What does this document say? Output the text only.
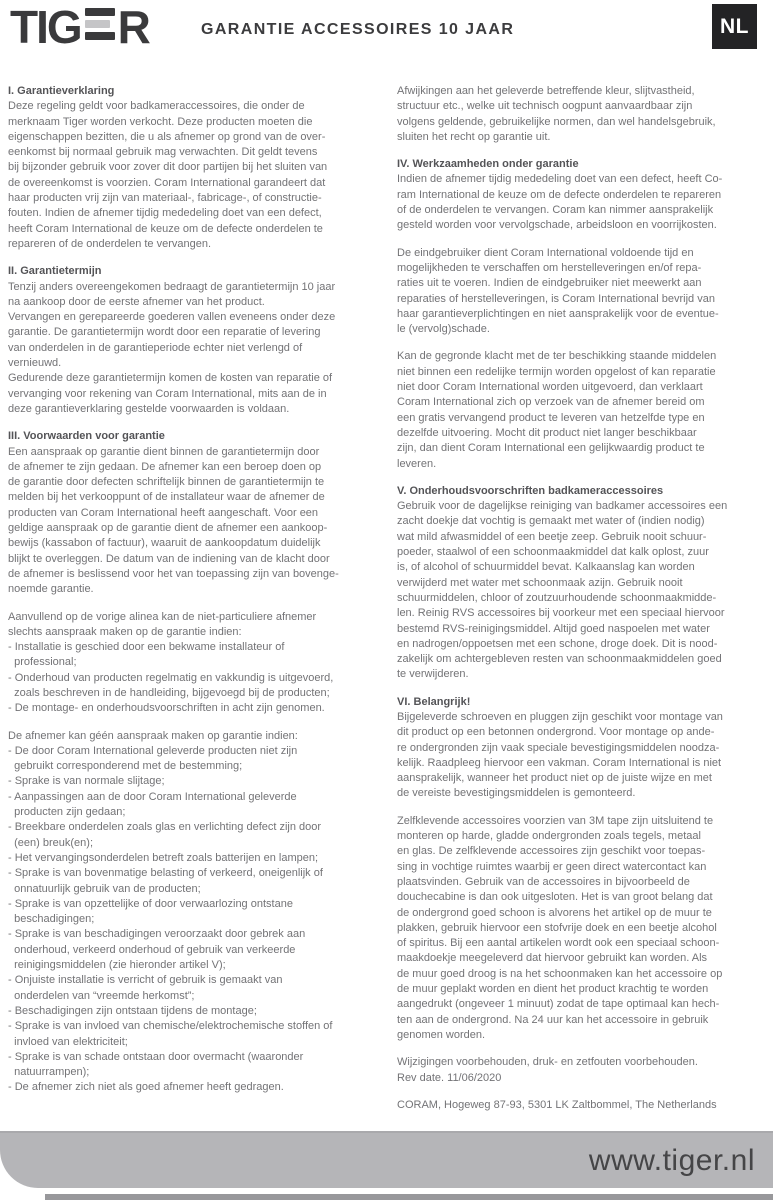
TIG R	GARANTIE ACCESSOIRES 10 JAAR	NL
I. Garantieverklaring
Deze regeling geldt voor badkameraccessoires, die onder de
merknaam Tiger worden verkocht. Deze producten moeten die
eigenschappen bezitten, die u als afnemer op grond van de over-
eenkomst bij normaal gebruik mag verwachten. Dit geldt tevens
bij bijzonder gebruik voor zover dit door partijen bij het sluiten van
de overeenkomst is voorzien. Coram International garandeert dat
haar producten vrij zijn van materiaal-, fabricage-, of constructie-
fouten. Indien de afnemer tijdig mededeling doet van een defect,
heeft Coram International de keuze om de defecte onderdelen te
repareren of de onderdelen te vervangen.
II. Garantietermijn
Tenzij anders overeengekomen bedraagt de garantietermijn 10 jaar
na aankoop door de eerste afnemer van het product.
Vervangen en gerepareerde goederen vallen eveneens onder deze
garantie. De garantietermijn wordt door een reparatie of levering
van onderdelen in de garantieperiode echter niet verlengd of
vernieuwd.
Gedurende deze garantietermijn komen de kosten van reparatie of
vervanging voor rekening van Coram International, mits aan de in
deze garantieverklaring gestelde voorwaarden is voldaan.
III. Voorwaarden voor garantie
Een aanspraak op garantie dient binnen de garantietermijn door
de afnemer te zijn gedaan. De afnemer kan een beroep doen op
de garantie door defecten schriftelijk binnen de garantietermijn te
melden bij het verkooppunt of de installateur waar de afnemer de
producten van Coram International heeft aangeschaft. Voor een
geldige aanspraak op de garantie dient de afnemer een aankoop-
bewijs (kassabon of factuur), waaruit de aankoopdatum duidelijk
blijkt te overleggen. De datum van de indiening van de klacht door
de afnemer is beslissend voor het van toepassing zijn van bovenge-
noemde garantie.
Aanvullend op de vorige alinea kan de niet-particuliere afnemer
slechts aanspraak maken op de garantie indien:
- Installatie is geschied door een bekwame installateur of
professional;
- Onderhoud van producten regelmatig en vakkundig is uitgevoerd,
zoals beschreven in de handleiding, bijgevoegd bij de producten;
- De montage- en onderhoudsvoorschriften in acht zijn genomen.
De afnemer kan géén aanspraak maken op garantie indien:
- De door Coram International geleverde producten niet zijn
gebruikt corresponderend met de bestemming;
- Sprake is van normale slijtage;
- Aanpassingen aan de door Coram International geleverde
producten zijn gedaan;
- Breekbare onderdelen zoals glas en verlichting defect zijn door
(een) breuk(en);
- Het vervangingsonderdelen betreft zoals batterijen en lampen;
- Sprake is van bovenmatige belasting of verkeerd, oneigenlijk of
onnatuurlijk gebruik van de producten;
- Sprake is van opzettelijke of door verwaarlozing ontstane
beschadigingen;
- Sprake is van beschadigingen veroorzaakt door gebrek aan
onderhoud, verkeerd onderhoud of gebruik van verkeerde
reinigingsmiddelen (zie hieronder artikel V);
- Onjuiste installatie is verricht of gebruik is gemaakt van
onderdelen van “vreemde herkomst”;
- Beschadigingen zijn ontstaan tijdens de montage;
- Sprake is van invloed van chemische/elektrochemische stoffen of
invloed van elektriciteit;
- Sprake is van schade ontstaan door overmacht (waaronder
natuurrampen);
- De afnemer zich niet als goed afnemer heeft gedragen.
Afwijkingen aan het geleverde betreffende kleur, slijtvastheid,
structuur etc., welke uit technisch oogpunt aanvaardbaar zijn
volgens geldende, gebruikelijke normen, dan wel handelsgebruik,
sluiten het recht op garantie uit.
IV. Werkzaamheden onder garantie
Indien de afnemer tijdig mededeling doet van een defect, heeft Co-
ram International de keuze om de defecte onderdelen te repareren
of de onderdelen te vervangen. Coram kan nimmer aansprakelijk
gesteld worden voor vervolgschade, arbeidsloon en voorrijkosten.
De eindgebruiker dient Coram International voldoende tijd en
mogelijkheden te verschaffen om herstelleveringen en/of repa-
raties uit te voeren. Indien de eindgebruiker niet meewerkt aan
reparaties of herstelleveringen, is Coram International bevrijd van
haar garantieverplichtingen en niet aansprakelijk voor de eventue-
le (vervolg)schade.
Kan de gegronde klacht met de ter beschikking staande middelen
niet binnen een redelijke termijn worden opgelost of kan reparatie
niet door Coram International worden uitgevoerd, dan verklaart
Coram International zich op verzoek van de afnemer bereid om
een gratis vervangend product te leveren van hetzelfde type en
dezelfde uitvoering. Mocht dit product niet langer beschikbaar
zijn, dan dient Coram International een gelijkwaardig product te
leveren.
V. Onderhoudsvoorschriften badkameraccessoires
Gebruik voor de dagelijkse reiniging van badkamer accessoires een
zacht doekje dat vochtig is gemaakt met water of (indien nodig)
wat mild afwasmiddel of een beetje zeep. Gebruik nooit schuur-
poeder, staalwol of een schoonmaakmiddel dat kalk oplost, zuur
is, of alcohol of schuurmiddel bevat. Kalkaanslag kan worden
verwijderd met water met schoonmaak azijn. Gebruik nooit
schuurmiddelen, chloor of zoutzuurhoudende schoonmaakmidde-
len. Reinig RVS accessoires bij voorkeur met een speciaal hiervoor
bestemd RVS-reinigingsmiddel. Altijd goed naspoelen met water
en nadrogen/oppoetsen met een schone, droge doek. Dit is nood-
zakelijk om achtergebleven resten van schoonmaakmiddelen goed
te verwijderen.
VI. Belangrijk!
Bijgeleverde schroeven en pluggen zijn geschikt voor montage van
dit product op een betonnen ondergrond. Voor montage op ande-
re ondergronden zijn vaak speciale bevestigingsmiddelen noodza-
kelijk. Raadpleeg hiervoor een vakman. Coram International is niet
aansprakelijk, wanneer het product niet op de juiste wijze en met
de vereiste bevestigingsmiddelen is gemonteerd.
Zelfklevende accessoires voorzien van 3M tape zijn uitsluitend te
monteren op harde, gladde ondergronden zoals tegels, metaal
en glas. De zelfklevende accessoires zijn geschikt voor toepas-
sing in vochtige ruimtes waarbij er geen direct watercontact kan
plaatsvinden. Gebruik van de accessoires in bijvoorbeeld de
douchecabine is dan ook uitgesloten. Het is van groot belang dat
de ondergrond goed schoon is alvorens het artikel op de muur te
plakken, gebruik hiervoor een stofvrije doek en een beetje alcohol
of spiritus. Bij een aantal artikelen wordt ook een speciaal schoon-
maakdoekje meegeleverd dat hiervoor gebruikt kan worden. Als
de muur goed droog is na het schoonmaken kan het accessoire op
de muur geplakt worden en dient het product krachtig te worden
aangedrukt (ongeveer 1 minuut) zodat de tape optimaal kan hech-
ten aan de ondergrond. Na 24 uur kan het accessoire in gebruik
genomen worden.
Wijzigingen voorbehouden, druk- en zetfouten voorbehouden.
Rev date. 11/06/2020
CORAM, Hogeweg 87-93, 5301 LK Zaltbommel, The Netherlands
www.tiger.nl
